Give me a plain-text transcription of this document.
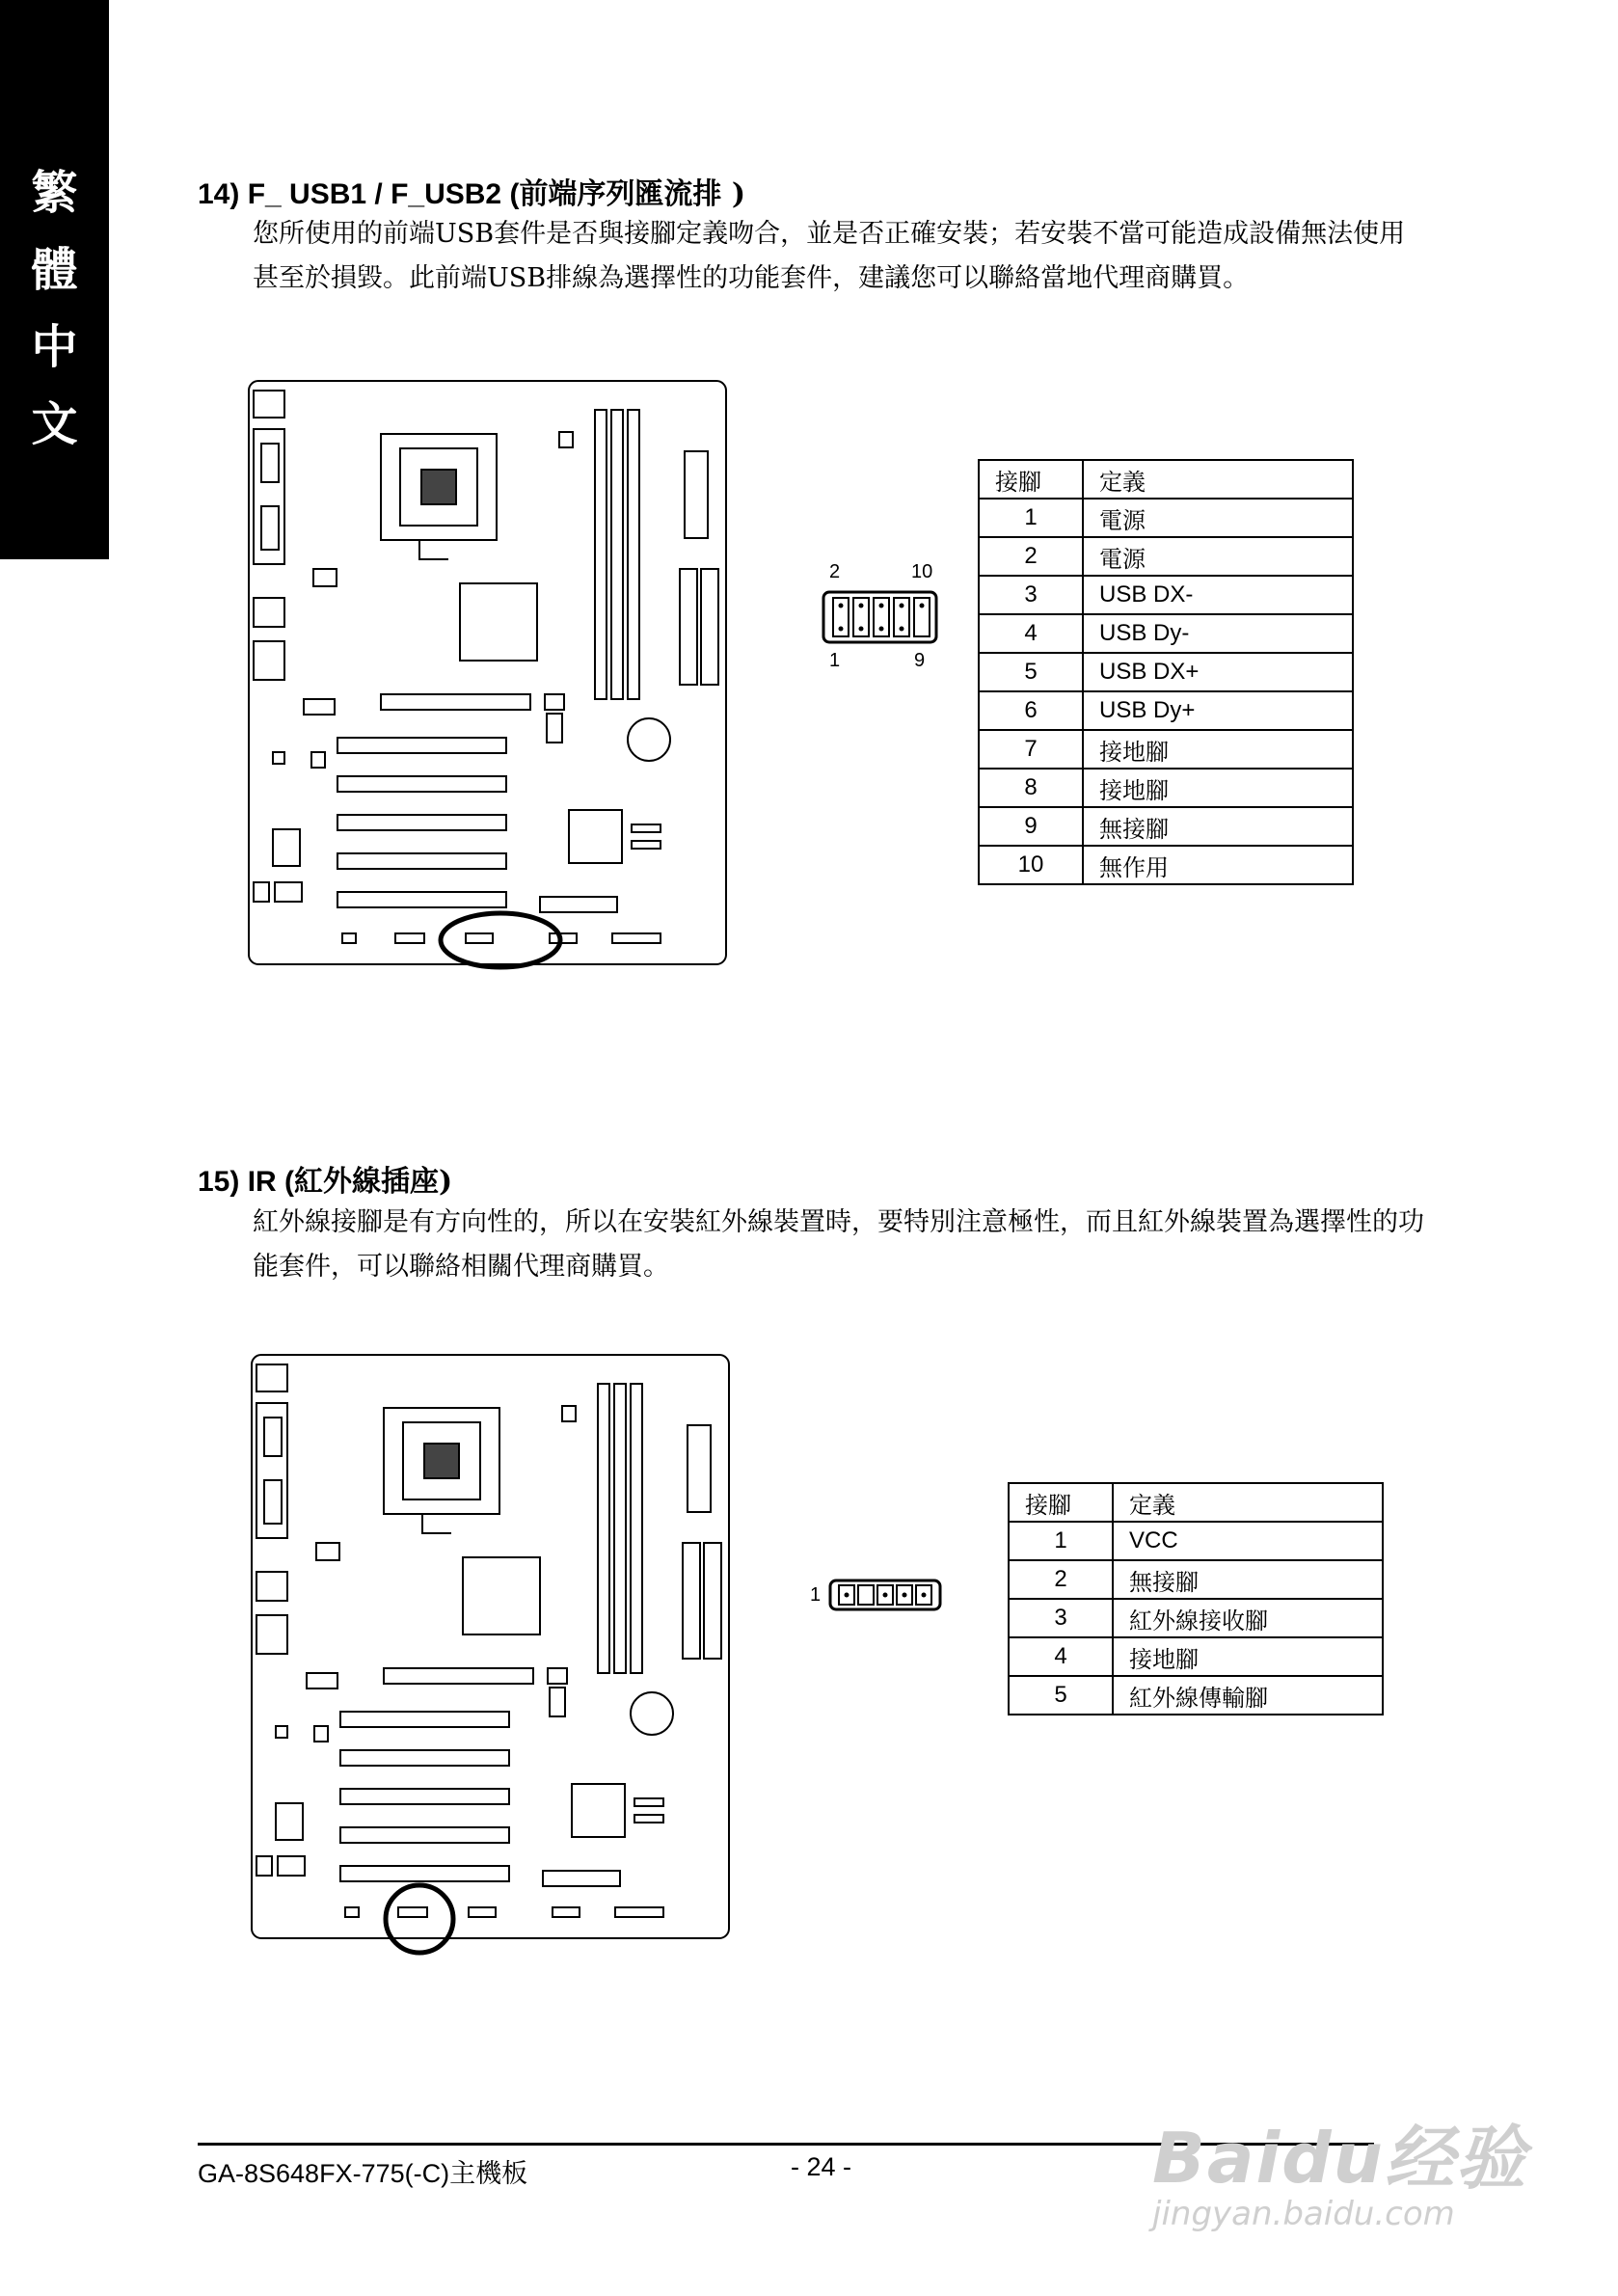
繁
體
中
文
14) F_ USB1 / F_USB2 (前端序列匯流排 )
您所使用的前端USB套件是否與接腳定義吻合，並是否正確安裝；若安裝不當可能造成設備無法使用甚至於損毀。此前端USB排線為選擇性的功能套件，建議您可以聯絡當地代理商購買。
2	10
1	9
接腳	定義
1	電源
2	電源
3	USB DX-
4	USB Dy-
5	USB DX+
6	USB Dy+
7	接地腳
8	接地腳
9	無接腳
10	無作用
15) IR (紅外線插座)
紅外線接腳是有方向性的，所以在安裝紅外線裝置時，要特別注意極性，而且紅外線裝置為選擇性的功能套件，可以聯絡相關代理商購買。
1
接腳	定義
1	VCC
2	無接腳
3	紅外線接收腳
4	接地腳
5	紅外線傳輸腳
GA-8S648FX-775(-C)主機板	- 24 -	Baidu经验
jingyan.baidu.com
